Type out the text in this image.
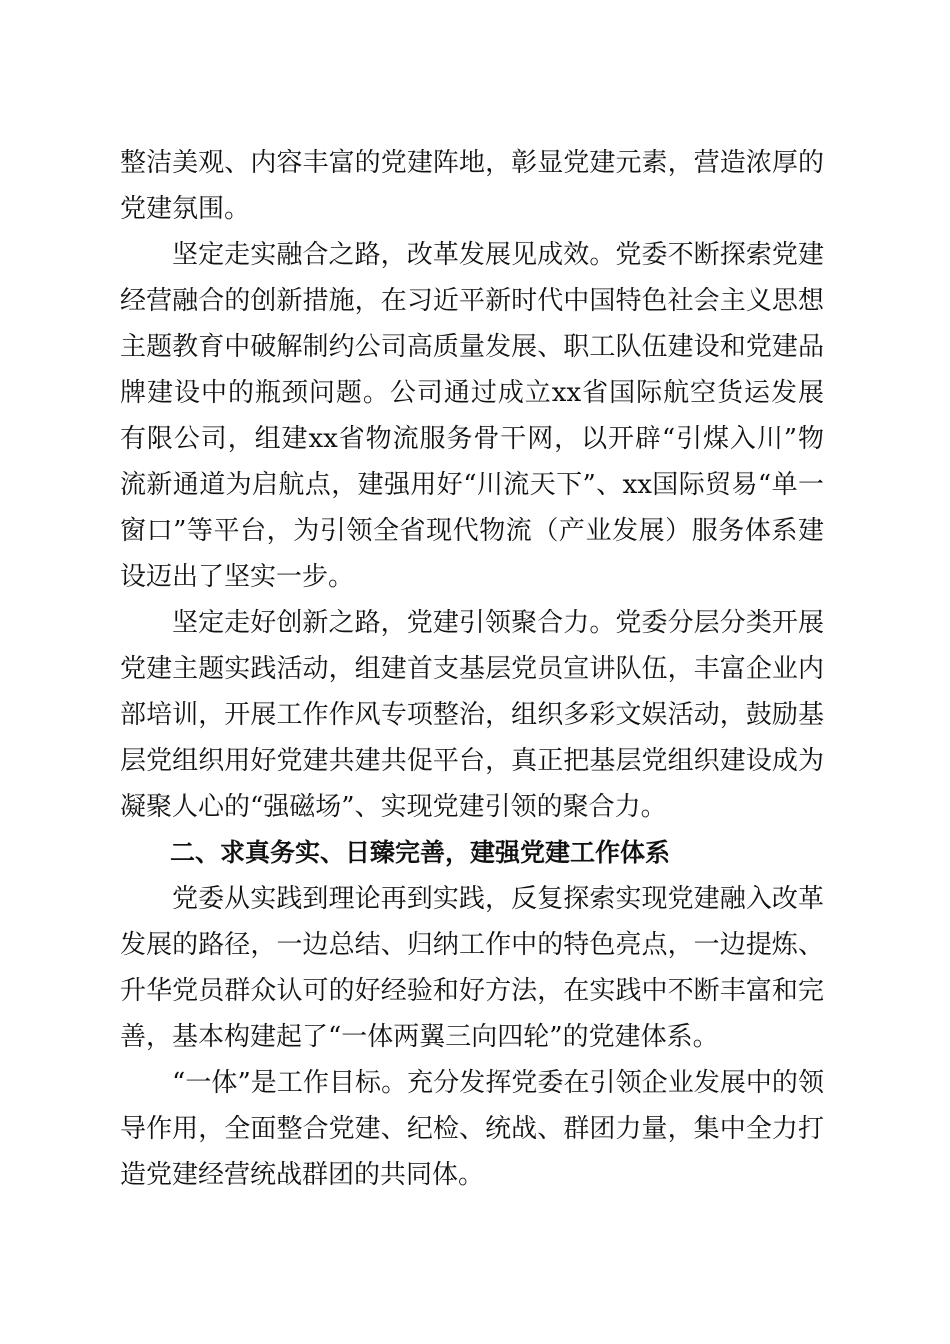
整洁美观、内容丰富的党建阵地，彰显党建元素，营造浓厚的党建氛围。

坚定走实融合之路，改革发展见成效。党委不断探索党建经营融合的创新措施，在习近平新时代中国特色社会主义思想主题教育中破解制约公司高质量发展、职工队伍建设和党建品牌建设中的瓶颈问题。公司通过成立xx省国际航空货运发展有限公司，组建xx省物流服务骨干网，以开辟“引煤入川”物流新通道为启航点，建强用好“川流天下”、xx国际贸易“单一窗口”等平台，为引领全省现代物流（产业发展）服务体系建设迈出了坚实一步。

坚定走好创新之路，党建引领聚合力。党委分层分类开展党建主题实践活动，组建首支基层党员宣讲队伍，丰富企业内部培训，开展工作作风专项整治，组织多彩文娱活动，鼓励基层党组织用好党建共建共促平台，真正把基层党组织建设成为凝聚人心的“强磁场”、实现党建引领的聚合力。

二、求真务实、日臻完善，建强党建工作体系

党委从实践到理论再到实践，反复探索实现党建融入改革发展的路径，一边总结、归纳工作中的特色亮点，一边提炼、升华党员群众认可的好经验和好方法，在实践中不断丰富和完善，基本构建起了“一体两翼三向四轮”的党建体系。

“一体”是工作目标。充分发挥党委在引领企业发展中的领导作用，全面整合党建、纪检、统战、群团力量，集中全力打造党建经营统战群团的共同体。
